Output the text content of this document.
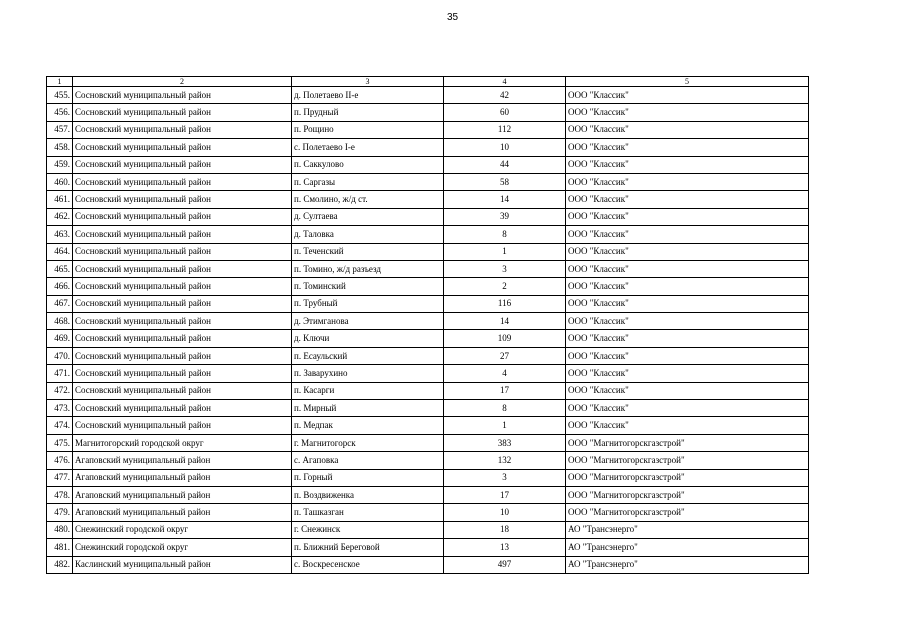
35
1	2	3	4	5
455.	Сосновский муниципальный район	д. Полетаево II-е	42	ООО "Классик"
456.	Сосновский муниципальный район	п. Прудный	60	ООО "Классик"
457.	Сосновский муниципальный район	п. Рощино	112	ООО "Классик"
458.	Сосновский муниципальный район	с. Полетаево I-е	10	ООО "Классик"
459.	Сосновский муниципальный район	п. Саккулово	44	ООО "Классик"
460.	Сосновский муниципальный район	п. Саргазы	58	ООО "Классик"
461.	Сосновский муниципальный район	п. Смолино, ж/д ст.	14	ООО "Классик"
462.	Сосновский муниципальный район	д. Султаева	39	ООО "Классик"
463.	Сосновский муниципальный район	д. Таловка	8	ООО "Классик"
464.	Сосновский муниципальный район	п. Теченский	1	ООО "Классик"
465.	Сосновский муниципальный район	п. Томино, ж/д разъезд	3	ООО "Классик"
466.	Сосновский муниципальный район	п. Томинский	2	ООО "Классик"
467.	Сосновский муниципальный район	п. Трубный	116	ООО "Классик"
468.	Сосновский муниципальный район	д. Этимганова	14	ООО "Классик"
469.	Сосновский муниципальный район	д. Ключи	109	ООО "Классик"
470.	Сосновский муниципальный район	п. Есаульский	27	ООО "Классик"
471.	Сосновский муниципальный район	п. Заварухино	4	ООО "Классик"
472.	Сосновский муниципальный район	п. Касарги	17	ООО "Классик"
473.	Сосновский муниципальный район	п. Мирный	8	ООО "Классик"
474.	Сосновский муниципальный район	п. Медпак	1	ООО "Классик"
475.	Магнитогорский городской округ	г. Магнитогорск	383	ООО "Магнитогорскгазстрой"
476.	Агаповский муниципальный район	с. Агаповка	132	ООО "Магнитогорскгазстрой"
477.	Агаповский муниципальный район	п. Горный	3	ООО "Магнитогорскгазстрой"
478.	Агаповский муниципальный район	п. Воздвиженка	17	ООО "Магнитогорскгазстрой"
479.	Агаповский муниципальный район	п. Ташказган	10	ООО "Магнитогорскгазстрой"
480.	Снежинский городской округ	г. Снежинск	18	АО "Трансэнерго"
481.	Снежинский городской округ	п. Ближний Береговой	13	АО "Трансэнерго"
482.	Каслинский муниципальный район	с. Воскресенское	497	АО "Трансэнерго"
